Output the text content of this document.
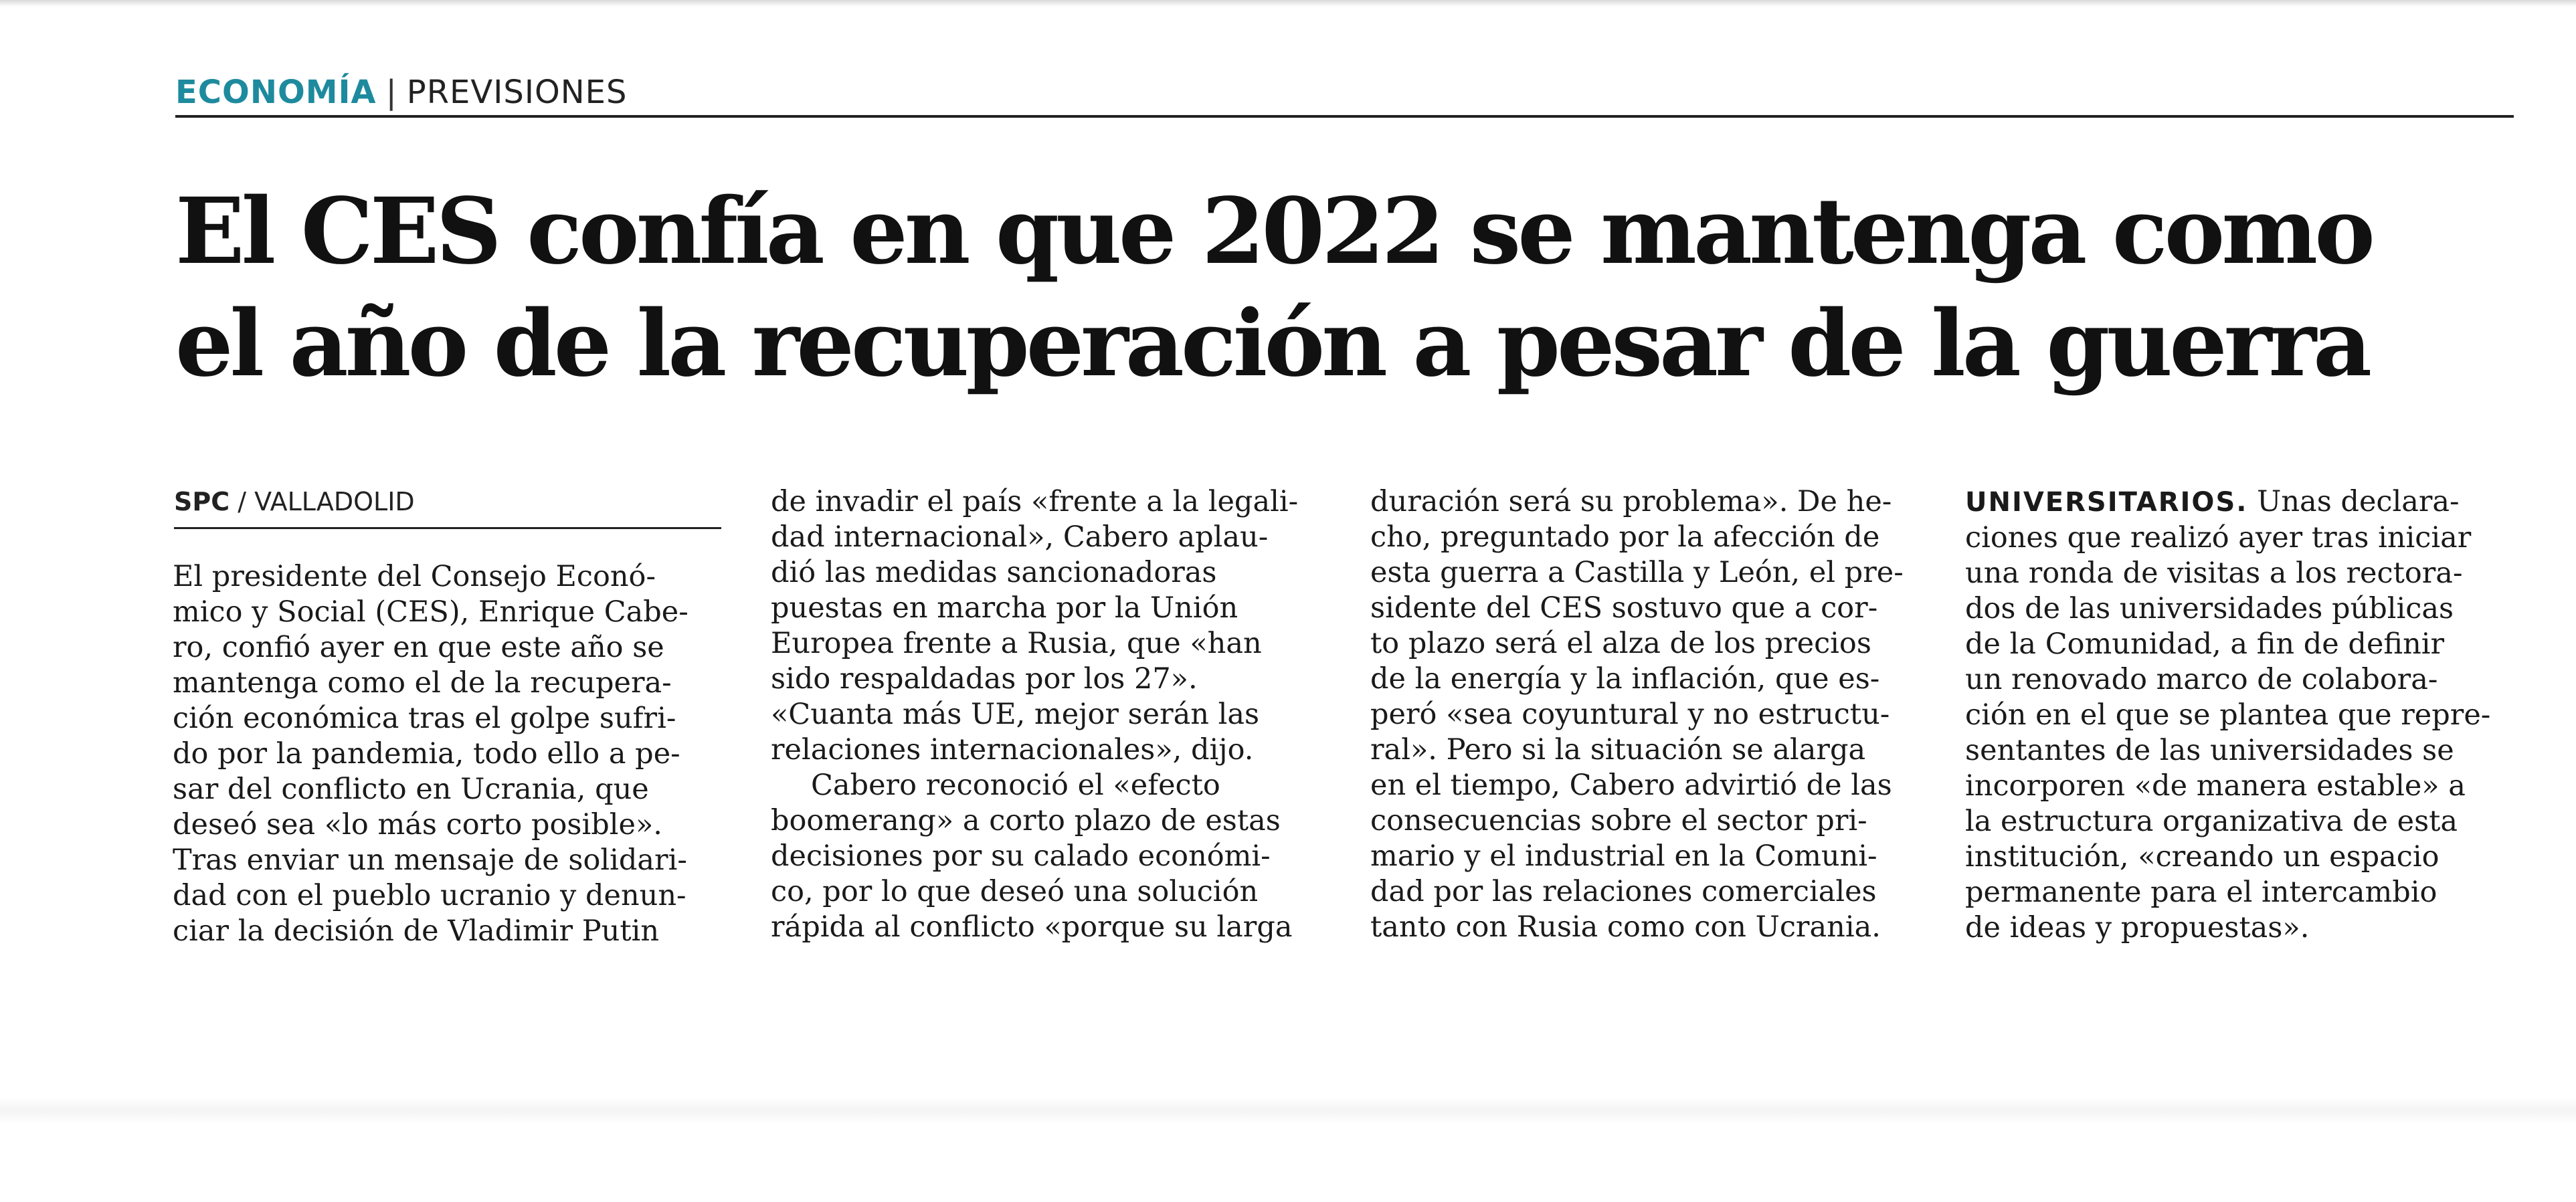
ECONOMÍA | PREVISIONES
El CES confía en que 2022 se mantenga como
el año de la recuperación a pesar de la guerra
SPC / VALLADOLID
El presidente del Consejo Econó-
mico y Social (CES), Enrique Cabe-
ro, confió ayer en que este año se
mantenga como el de la recupera-
ción económica tras el golpe sufri-
do por la pandemia, todo ello a pe-
sar del conflicto en Ucrania, que
deseó sea «lo más corto posible».
Tras enviar un mensaje de solidari-
dad con el pueblo ucranio y denun-
ciar la decisión de Vladimir Putin
de invadir el país «frente a la legali-
dad internacional», Cabero aplau-
dió las medidas sancionadoras
puestas en marcha por la Unión
Europea frente a Rusia, que «han
sido respaldadas por los 27».
«Cuanta más UE, mejor serán las
relaciones internacionales», dijo.
Cabero reconoció el «efecto
boomerang» a corto plazo de estas
decisiones por su calado económi-
co, por lo que deseó una solución
rápida al conflicto «porque su larga
duración será su problema». De he-
cho, preguntado por la afección de
esta guerra a Castilla y León, el pre-
sidente del CES sostuvo que a cor-
to plazo será el alza de los precios
de la energía y la inflación, que es-
peró «sea coyuntural y no estructu-
ral». Pero si la situación se alarga
en el tiempo, Cabero advirtió de las
consecuencias sobre el sector pri-
mario y el industrial en la Comuni-
dad por las relaciones comerciales
tanto con Rusia como con Ucrania.
UNIVERSITARIOS. Unas declara-
ciones que realizó ayer tras iniciar
una ronda de visitas a los rectora-
dos de las universidades públicas
de la Comunidad, a fin de definir
un renovado marco de colabora-
ción en el que se plantea que repre-
sentantes de las universidades se
incorporen «de manera estable» a
la estructura organizativa de esta
institución, «creando un espacio
permanente para el intercambio
de ideas y propuestas».
